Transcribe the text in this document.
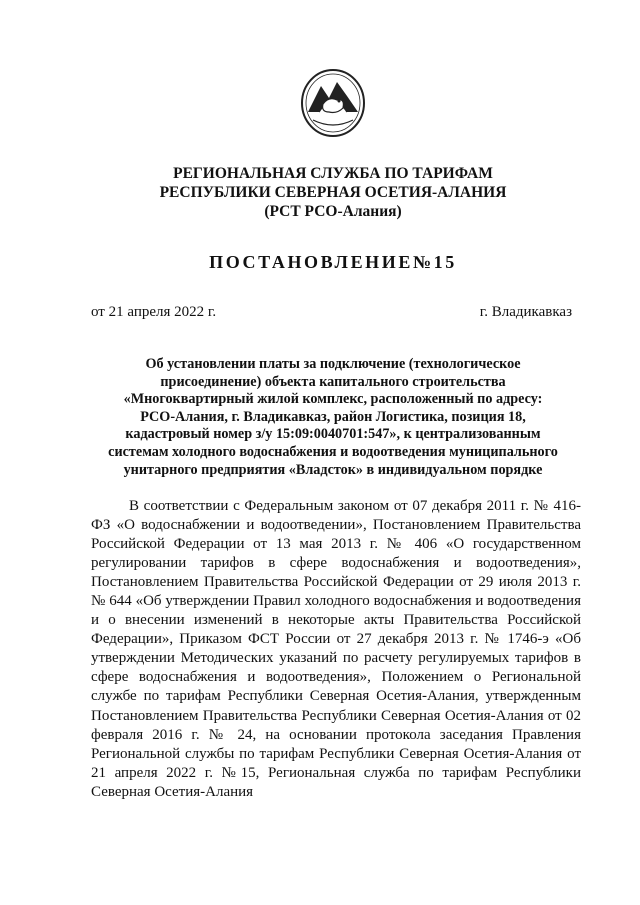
РЕГИОНАЛЬНАЯ СЛУЖБА ПО ТАРИФАМ
РЕСПУБЛИКИ СЕВЕРНАЯ ОСЕТИЯ-АЛАНИЯ
(РСТ РСО-Алания)
ПОСТАНОВЛЕНИЕ№15
от 21 апреля 2022 г.	г. Владикавказ
Об установлении платы за подключение (технологическое
присоединение) объекта капитального строительства
«Многоквартирный жилой комплекс, расположенный по адресу:
РСО-Алания, г. Владикавказ, район Логистика, позиция 18,
кадастровый номер з/у 15:09:0040701:547», к централизованным
системам холодного водоснабжения и водоотведения муниципального
унитарного предприятия «Владсток» в индивидуальном порядке

В соответствии с Федеральным законом от 07 декабря 2011 г. № 416-ФЗ «О водоснабжении и водоотведении», Постановлением Правительства Российской Федерации от 13 мая 2013 г. № 406 «О государственном регулировании тарифов в сфере водоснабжения и водоотведения», Постановлением Правительства Российской Федерации от 29 июля 2013 г. № 644 «Об утверждении Правил холодного водоснабжения и водоотведения и о внесении изменений в некоторые акты Правительства Российской Федерации», Приказом ФСТ России от 27 декабря 2013 г. № 1746-э «Об утверждении Методических указаний по расчету регулируемых тарифов в сфере водоснабжения и водоотведения», Положением о Региональной службе по тарифам Республики Северная Осетия-Алания, утвержденным Постановлением Правительства Республики Северная Осетия-Алания от 02 февраля 2016 г. № 24, на основании протокола заседания Правления Региональной службы по тарифам Республики Северная Осетия-Алания от 21 апреля 2022 г. №15, Региональная служба по тарифам Республики Северная Осетия-Алания
